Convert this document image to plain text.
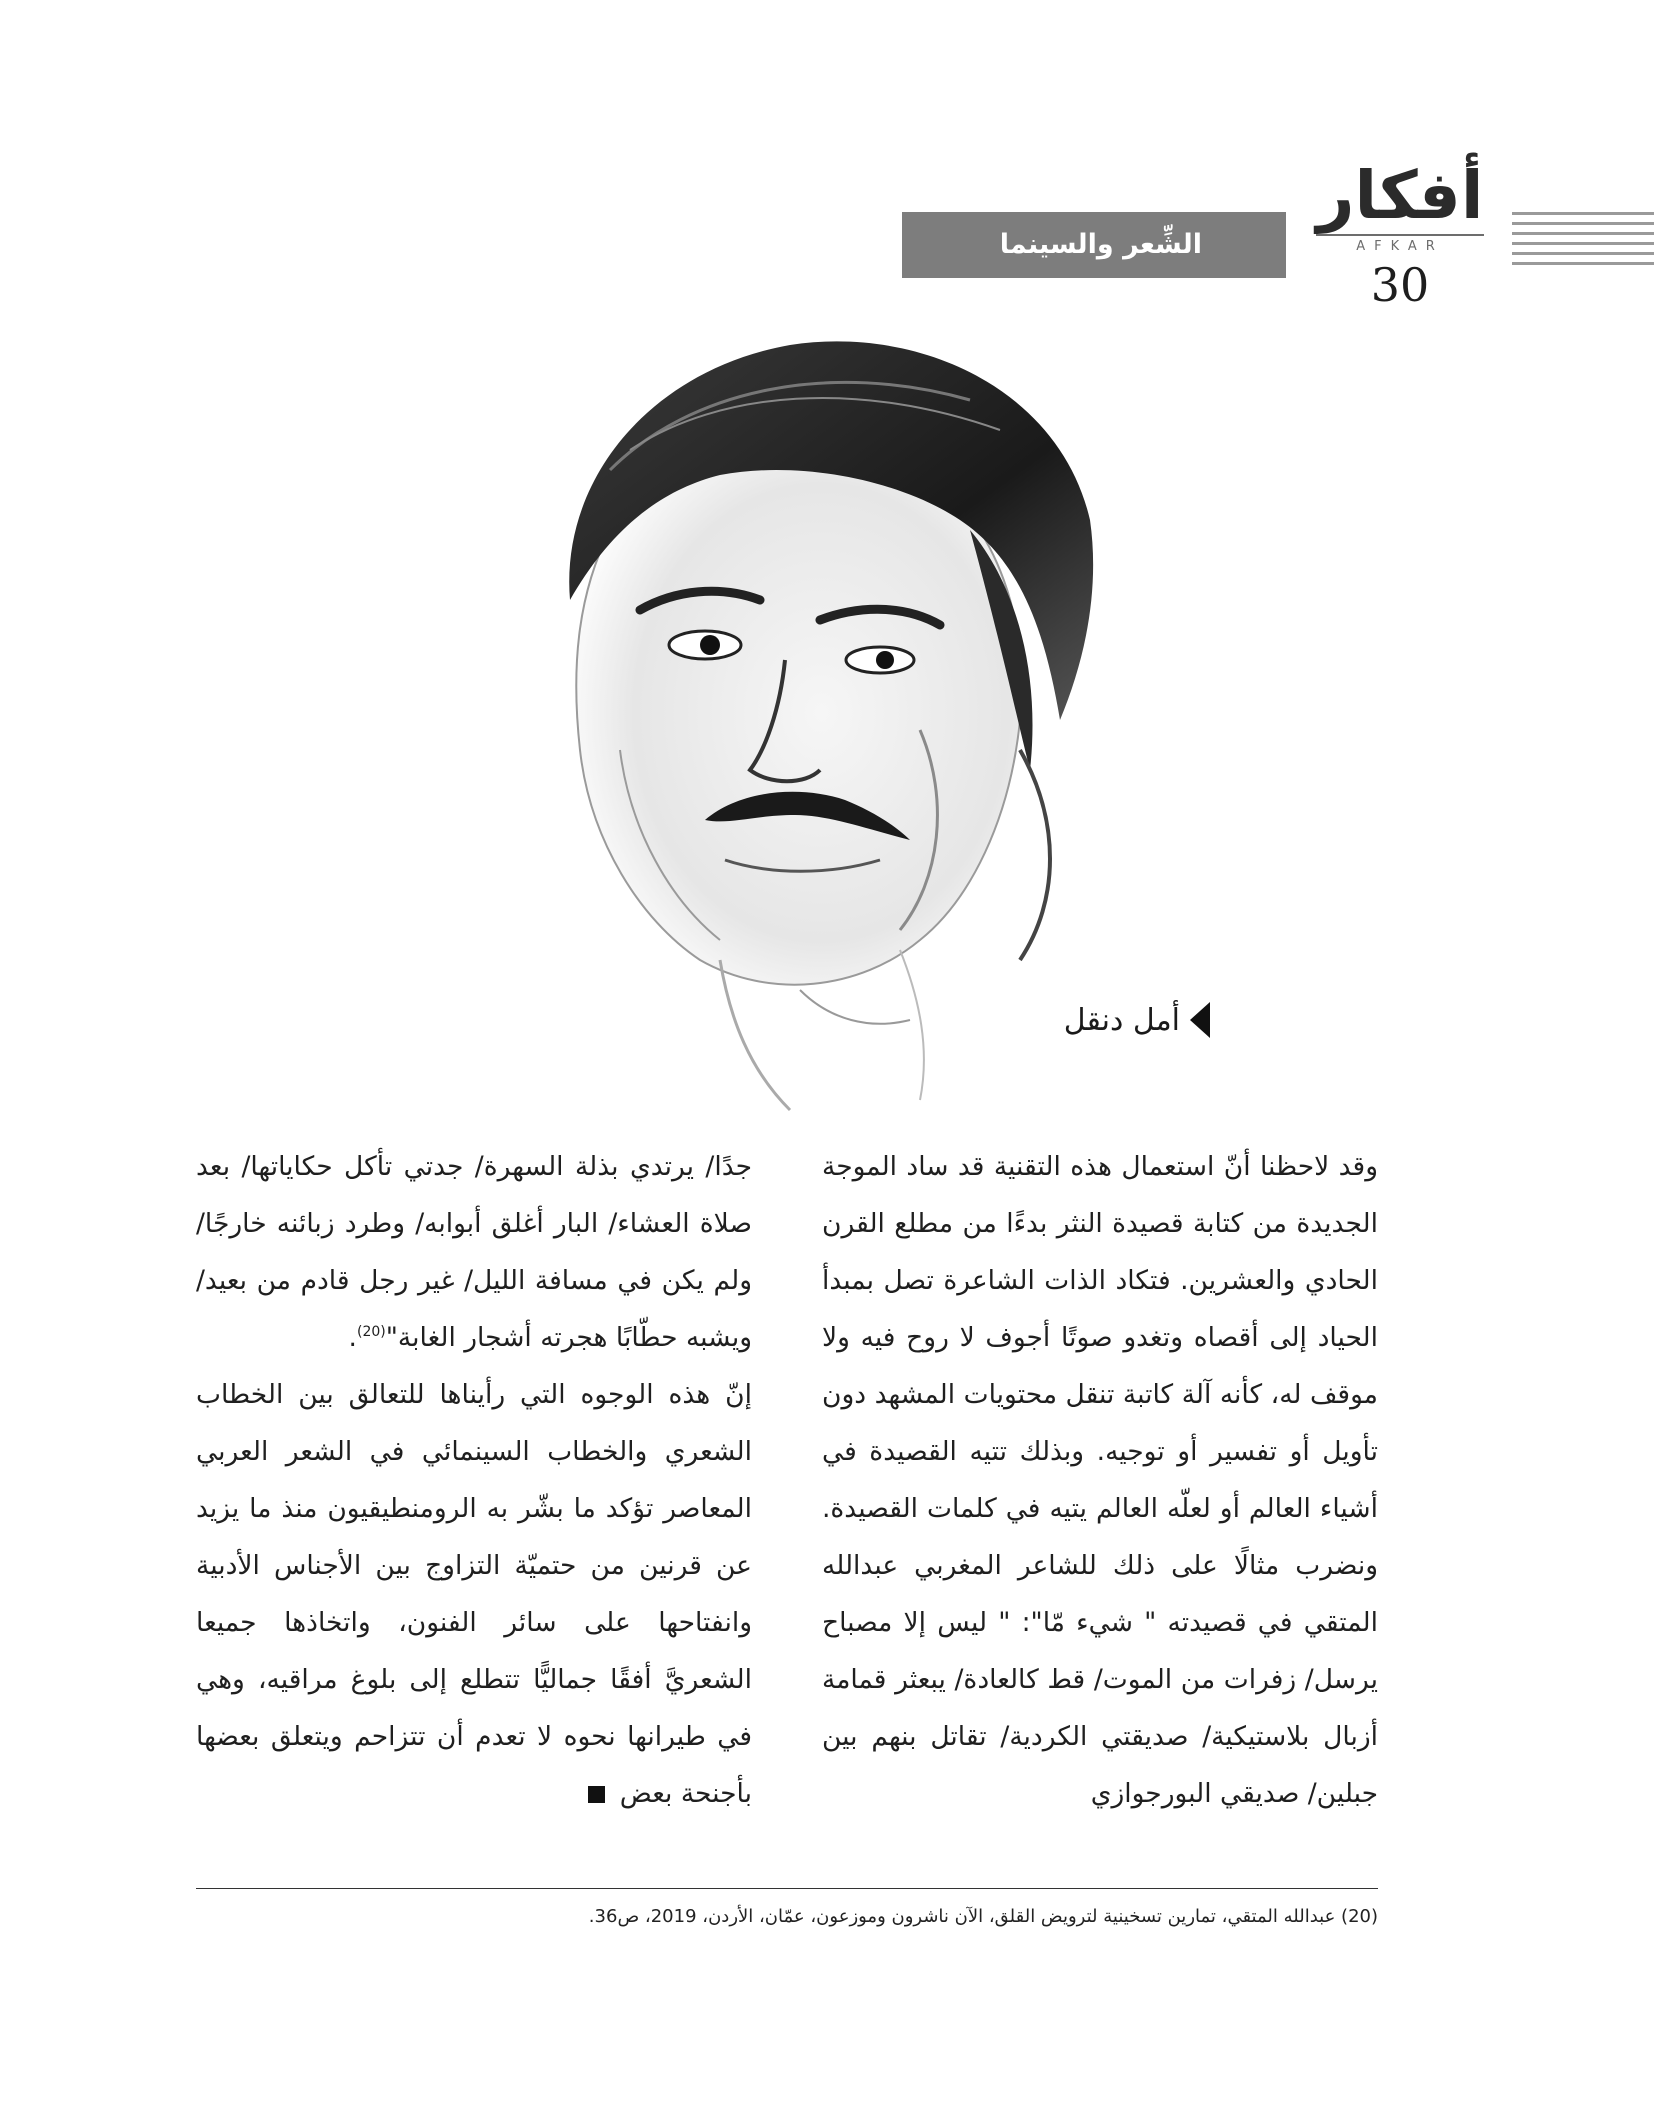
أفكار
AFKAR
30
الشِّعر والسينما
أمل دنقل

وقد لاحظنا أنّ استعمال هذه التقنية قد ساد الموجة الجديدة من كتابة قصيدة النثر بدءًا من مطلع القرن الحادي والعشرين. فتكاد الذات الشاعرة تصل بمبدأ الحياد إلى أقصاه وتغدو صوتًا أجوف لا روح فيه ولا موقف له، كأنه آلة كاتبة تنقل محتويات المشهد دون تأويل أو تفسير أو توجيه. وبذلك تتيه القصيدة في أشياء العالم أو لعلّه العالم يتيه في كلمات القصيدة. ونضرب مثالًا على ذلك للشاعر المغربي عبدالله المتقي في قصيدته " شيء مّا": " ليس إلا مصباح يرسل/ زفرات من الموت/ قط كالعادة/ يبعثر قمامة أزبال بلاستيكية/ صديقتي الكردية/ تقاتل بنهم بين جبلين/ صديقي البورجوازي

جدًا/ يرتدي بذلة السهرة/ جدتي تأكل حكاياتها/ بعد صلاة العشاء/ البار أغلق أبوابه/ وطرد زبائنه خارجًا/ ولم يكن في مسافة الليل/ غير رجل قادم من بعيد/ ويشبه حطّابًا هجرته أشجار الغابة"$^{(20)}$.

إنّ هذه الوجوه التي رأيناها للتعالق بين الخطاب الشعري والخطاب السينمائي في الشعر العربي المعاصر تؤكد ما بشّر به الرومنطيقيون منذ ما يزيد عن قرنين من حتميّة التزاوج بين الأجناس الأدبية وانفتاحها على سائر الفنون، واتخاذها جميعا الشعريَّ أفقًا جماليًّا تتطلع إلى بلوغ مراقيه، وهي في طيرانها نحوه لا تعدم أن تتزاحم ويتعلق بعضها بأجنحة بعض

(20) عبدالله المتقي، تمارين تسخينية لترويض القلق، الآن ناشرون وموزعون، عمّان، الأردن، 2019، ص36.
